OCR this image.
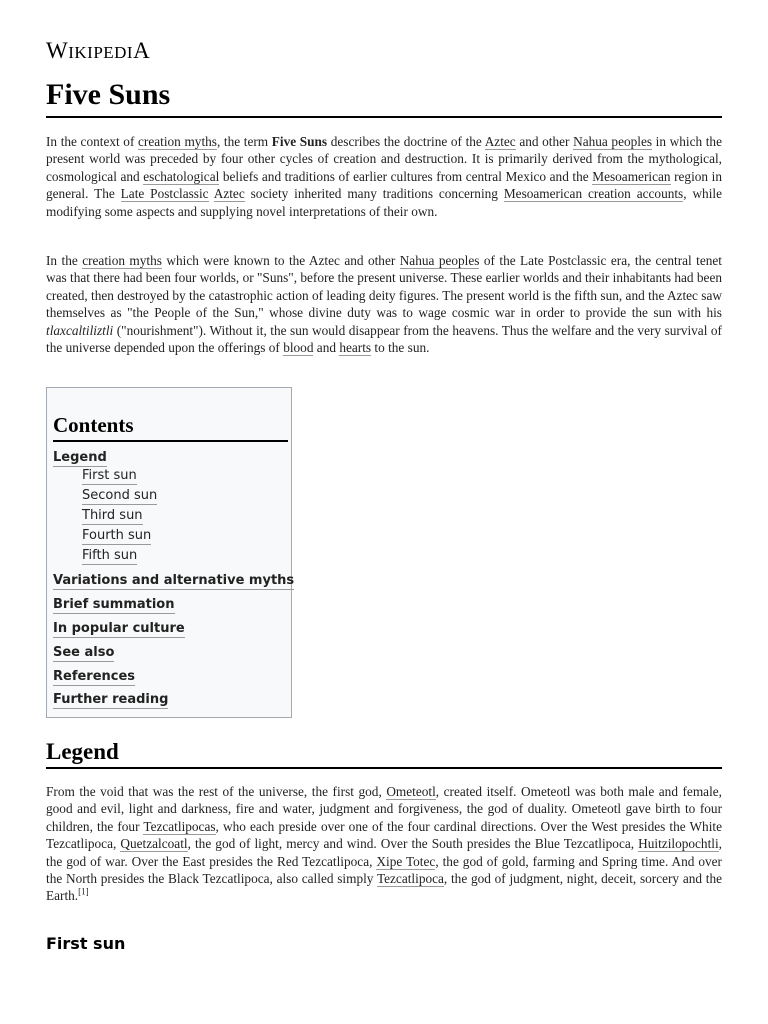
WIKIPEDIA
Five Suns

In the context of creation myths, the term Five Suns describes the doctrine of the Aztec and other Nahua peoples in which the present world was preceded by four other cycles of creation and destruction. It is primarily derived from the mythological, cosmological and eschatological beliefs and traditions of earlier cultures from central Mexico and the Mesoamerican region in general. The Late Postclassic Aztec society inherited many traditions concerning Mesoamerican creation accounts, while modifying some aspects and supplying novel interpretations of their own.

In the creation myths which were known to the Aztec and other Nahua peoples of the Late Postclassic era, the central tenet was that there had been four worlds, or "Suns", before the present universe. These earlier worlds and their inhabitants had been created, then destroyed by the catastrophic action of leading deity figures. The present world is the fifth sun, and the Aztec saw themselves as "the People of the Sun," whose divine duty was to wage cosmic war in order to provide the sun with his tlaxcaltiliztli ("nourishment"). Without it, the sun would disappear from the heavens. Thus the welfare and the very survival of the universe depended upon the offerings of blood and hearts to the sun.

Contents
Legend
First sun
Second sun
Third sun
Fourth sun
Fifth sun
Variations and alternative myths
Brief summation
In popular culture
See also
References
Further reading
Legend

From the void that was the rest of the universe, the first god, Ometeotl, created itself. Ometeotl was both male and female, good and evil, light and darkness, fire and water, judgment and forgiveness, the god of duality. Ometeotl gave birth to four children, the four Tezcatlipocas, who each preside over one of the four cardinal directions. Over the West presides the White Tezcatlipoca, Quetzalcoatl, the god of light, mercy and wind. Over the South presides the Blue Tezcatlipoca, Huitzilopochtli, the god of war. Over the East presides the Red Tezcatlipoca, Xipe Totec, the god of gold, farming and Spring time. And over the North presides the Black Tezcatlipoca, also called simply Tezcatlipoca, the god of judgment, night, deceit, sorcery and the Earth.[1]

First sun
